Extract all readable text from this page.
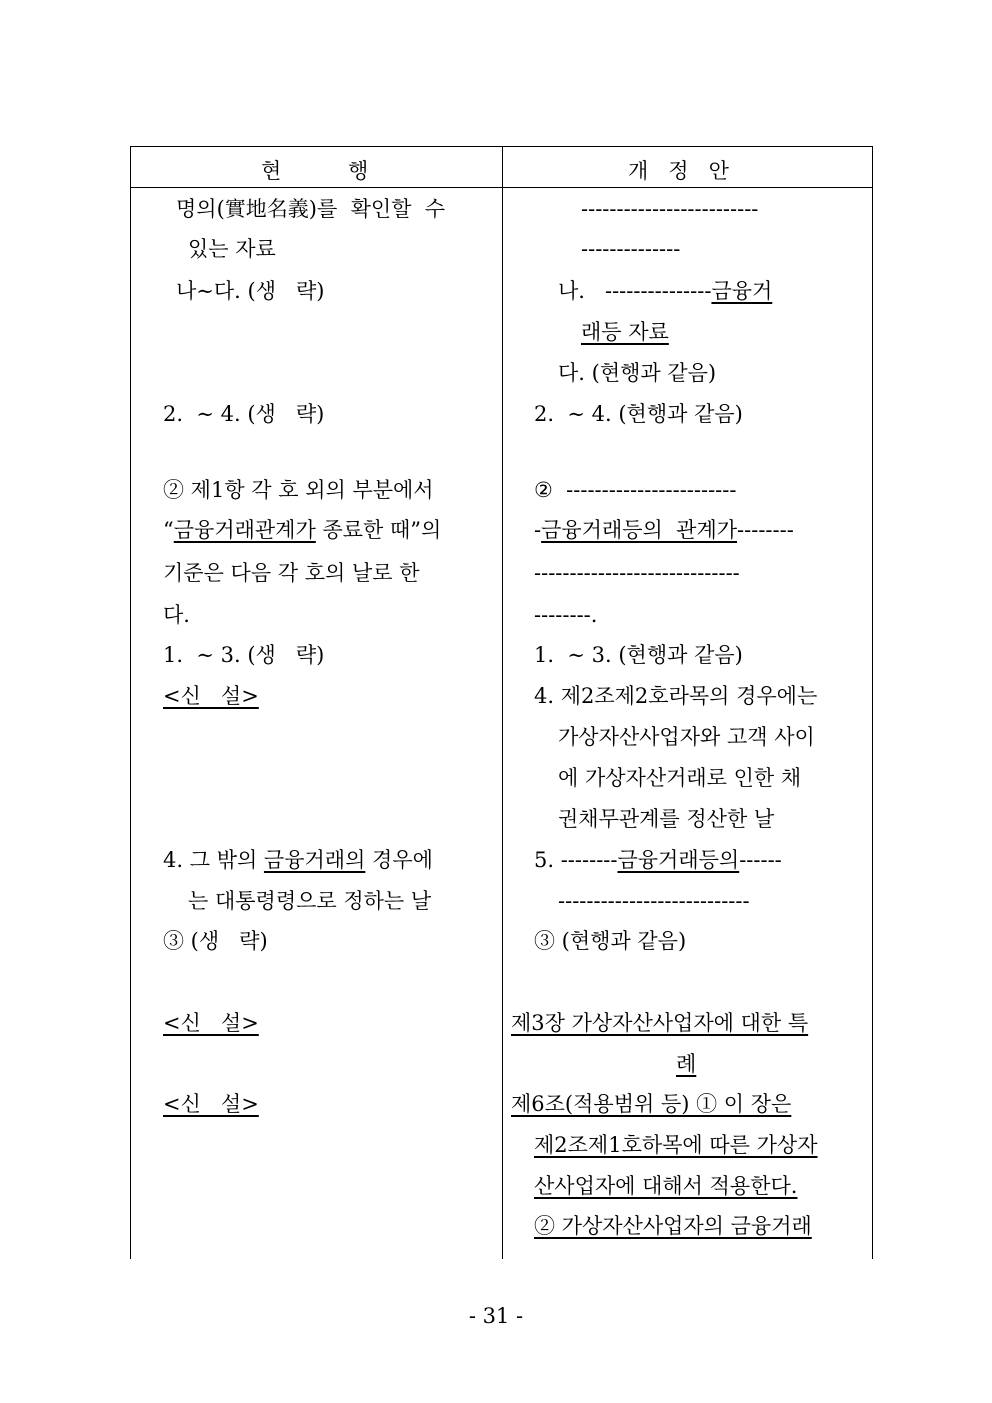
현          행	개   정   안
명의(實地名義)를  확인할  수
있는 자료
나∼다. (생   략)
2.  ∼ 4. (생   략)
② 제1항 각 호 외의 부분에서
“금융거래관계가 종료한 때”의
기준은 다음 각 호의 날로 한
다.
1.  ∼ 3. (생   략)
<신   설>
4. 그 밖의 금융거래의 경우에
는 대통령령으로 정하는 날
③ (생   략)
<신   설>
<신   설>
-------------------------
--------------
나.   ---------------금융거
래등 자료
다. (현행과 같음)
2.  ∼ 4. (현행과 같음)
②  ------------------------
-금융거래등의  관계가--------
-----------------------------
--------.
1.  ∼ 3. (현행과 같음)
4. 제2조제2호라목의 경우에는
가상자산사업자와 고객 사이
에 가상자산거래로 인한 채
권채무관계를 정산한 날
5. --------금융거래등의------
---------------------------
③ (현행과 같음)
제3장 가상자산사업자에 대한 특
례
제6조(적용범위 등) ① 이 장은
제2조제1호하목에 따른 가상자
산사업자에 대해서 적용한다.
② 가상자산사업자의 금융거래
- 31 -
